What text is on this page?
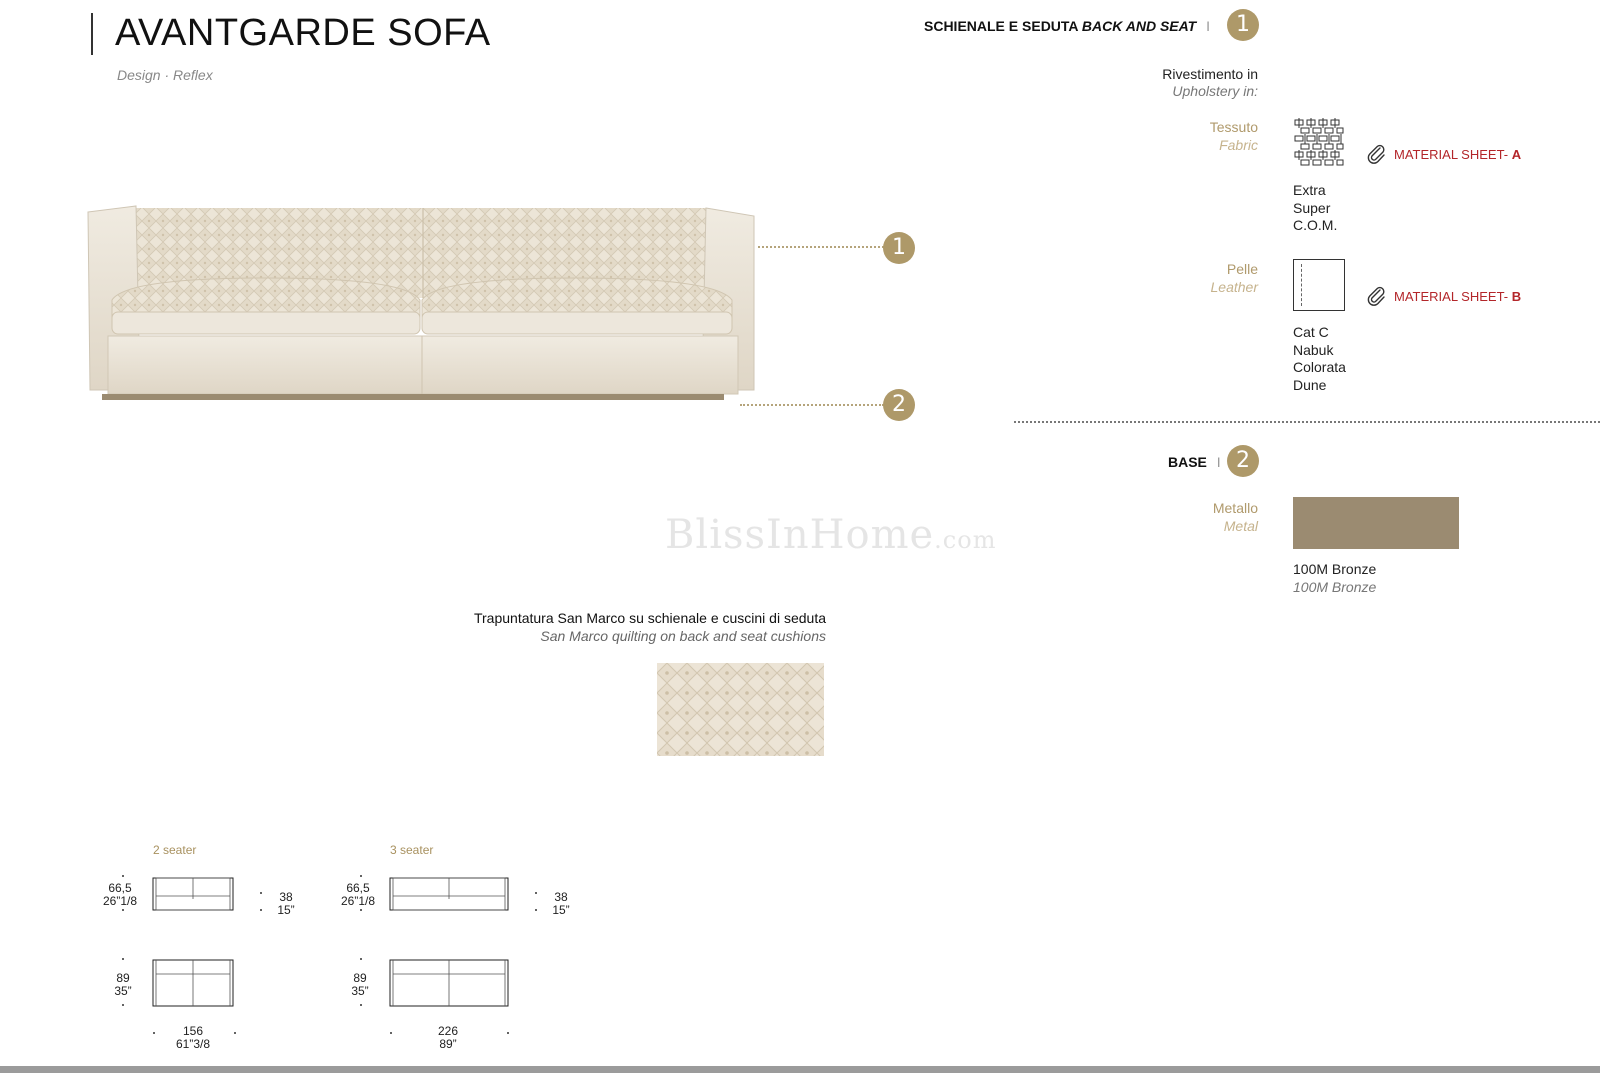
AVANTGARDE SOFA
Design · Reflex
SCHIENALE E SEDUTA BACK AND SEAT I	1
Rivestimento in
Upholstery in:
Tessuto
Fabric
Extra
Super
C.O.M.
MATERIAL SHEET- A
Pelle
Leather
Cat C
Nabuk
Colorata
Dune
MATERIAL SHEET- B
BASE I 2
Metallo
Metal
100M Bronze
100M Bronze
1
2
BlissInHome.com
Trapuntatura San Marco su schienale e cuscini di seduta
San Marco quilting on back and seat cushions
2 seater
66,5
26”1/8	38
15”
89
35”
156
61”3/8
3 seater
66,5
26”1/8	38
15”
89
35”
226
89”
